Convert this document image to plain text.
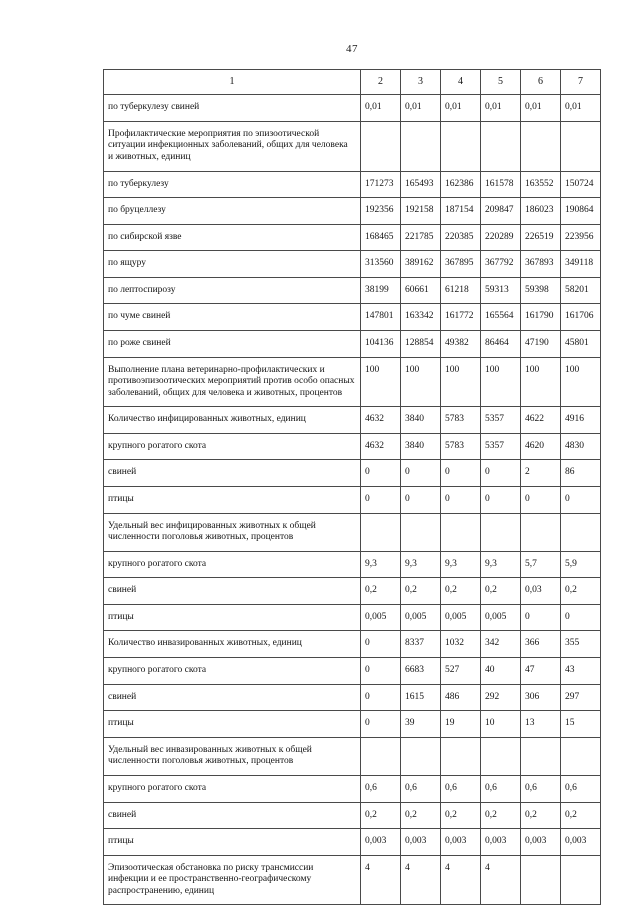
47
1	2	3	4	5	6	7
по туберкулезу свиней	0,01	0,01	0,01	0,01	0,01	0,01
Профилактические мероприятия по эпизоотической ситуации инфекционных заболеваний, общих для человека и животных, единиц						
по туберкулезу	171273	165493	162386	161578	163552	150724
по бруцеллезу	192356	192158	187154	209847	186023	190864
по сибирской язве	168465	221785	220385	220289	226519	223956
по ящуру	313560	389162	367895	367792	367893	349118
по лептоспирозу	38199	60661	61218	59313	59398	58201
по чуме свиней	147801	163342	161772	165564	161790	161706
по роже свиней	104136	128854	49382	86464	47190	45801
Выполнение плана ветеринарно-профилактических и противоэпизоотических мероприятий против особо опасных заболеваний, общих для человека и животных, процентов	100	100	100	100	100	100
Количество инфицированных животных, единиц	4632	3840	5783	5357	4622	4916
крупного рогатого скота	4632	3840	5783	5357	4620	4830
свиней	0	0	0	0	2	86
птицы	0	0	0	0	0	0
Удельный вес инфицированных животных к общей численности поголовья животных, процентов						
крупного рогатого скота	9,3	9,3	9,3	9,3	5,7	5,9
свиней	0,2	0,2	0,2	0,2	0,03	0,2
птицы	0,005	0,005	0,005	0,005	0	0
Количество инвазированных животных, единиц	0	8337	1032	342	366	355
крупного рогатого скота	0	6683	527	40	47	43
свиней	0	1615	486	292	306	297
птицы	0	39	19	10	13	15
Удельный вес инвазированных животных к общей численности поголовья животных, процентов						
крупного рогатого скота	0,6	0,6	0,6	0,6	0,6	0,6
свиней	0,2	0,2	0,2	0,2	0,2	0,2
птицы	0,003	0,003	0,003	0,003	0,003	0,003
Эпизоотическая обстановка по риску трансмиссии инфекции и ее пространственно-географическому распространению, единиц	4	4	4	4		
